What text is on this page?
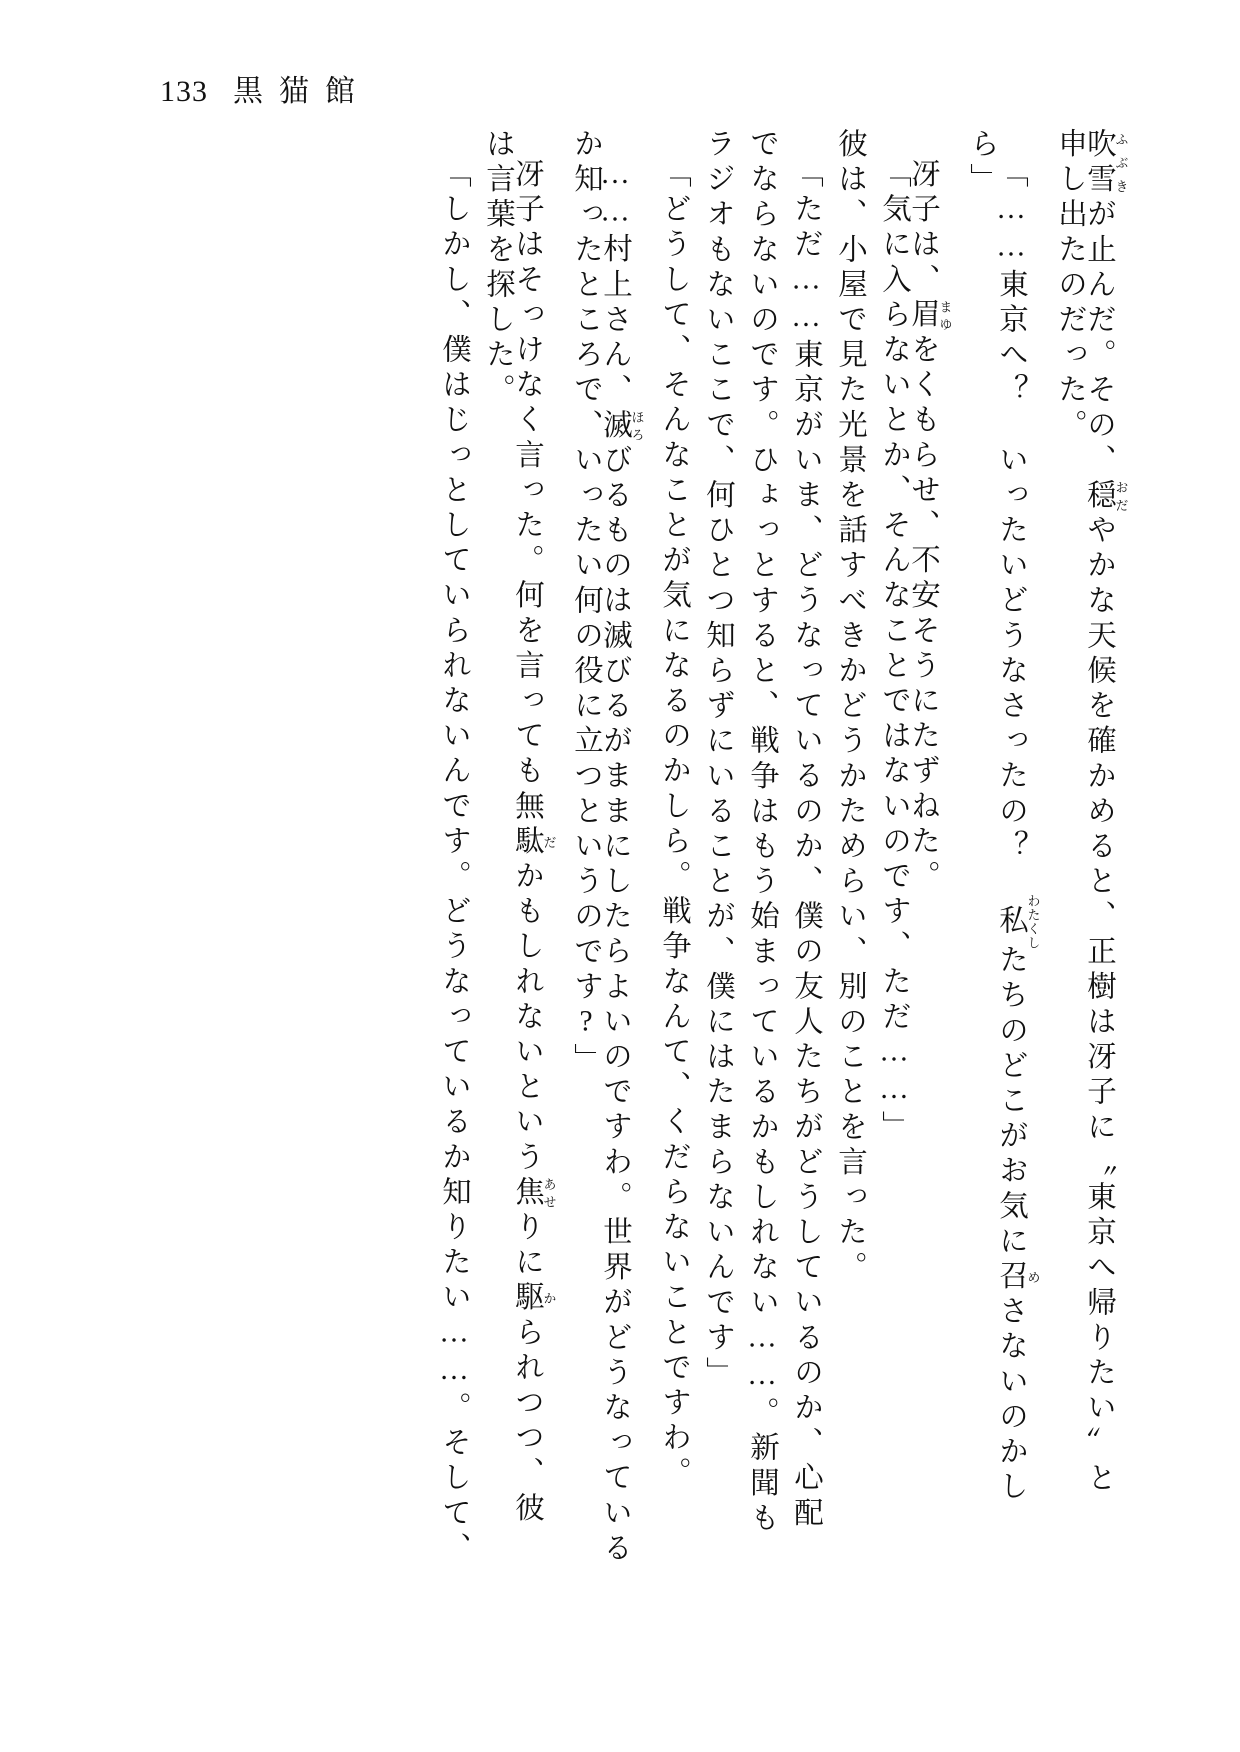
133 黒猫館
吹雪ふぶきが止んだ。その、穏おだやかな天候を確かめると、正樹は冴子に〝東京へ帰りたい〟と
申し出たのだった。
「……東京へ？　いったいどうなさったの？　私わたくしたちのどこがお気に召めさないのかし
ら」
冴子は、眉まゆをくもらせ、不安そうにたずねた。
「気に入らないとか、そんなことではないのです、ただ……」
彼は、小屋で見た光景を話すべきかどうかためらい、別のことを言った。
「ただ……東京がいま、どうなっているのか、僕の友人たちがどうしているのか、心配
でならないのです。ひょっとすると、戦争はもう始まっているかもしれない……。新聞も
ラジオもないここで、何ひとつ知らずにいることが、僕にはたまらないんです」
「どうして、そんなことが気になるのかしら。戦争なんて、くだらないことですわ。
……村上さん、滅ほろびるものは滅びるがままにしたらよいのですわ。世界がどうなっている
か知ったところで、いったい何の役に立つというのです?」
冴子はそっけなく言った。何を言っても無駄だかもしれないという焦あせりに駆かられつつ、彼
は言葉を探した。
「しかし、僕はじっとしていられないんです。どうなっているか知りたい……。そして、
